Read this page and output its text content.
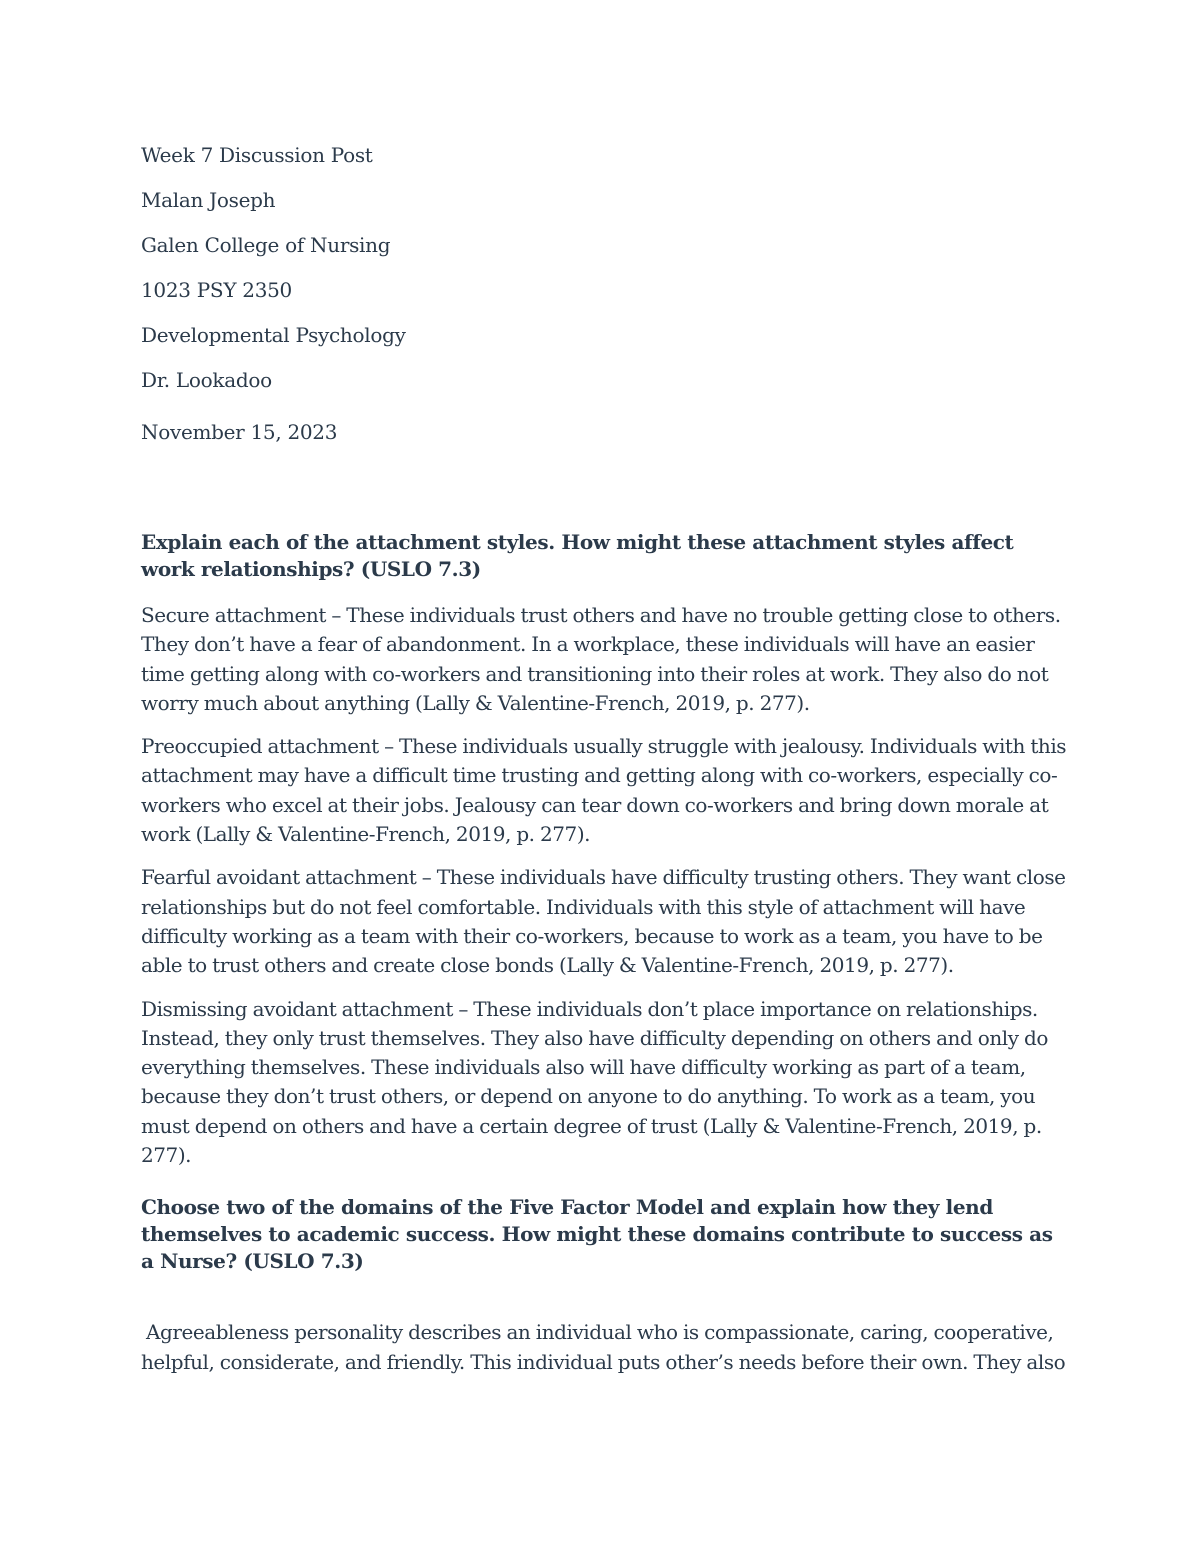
Week 7 Discussion Post
Malan Joseph
Galen College of Nursing
1023 PSY 2350
Developmental Psychology
Dr. Lookadoo
November 15, 2023
Explain each of the attachment styles. How might these attachment styles affect work relationships? (USLO 7.3)

Secure attachment – These individuals trust others and have no trouble getting close to others. They don’t have a fear of abandonment. In a workplace, these individuals will have an easier time getting along with co-workers and transitioning into their roles at work. They also do not worry much about anything (Lally & Valentine-French, 2019, p. 277).

Preoccupied attachment – These individuals usually struggle with jealousy. Individuals with this attachment may have a difficult time trusting and getting along with co-workers, especially co-workers who excel at their jobs. Jealousy can tear down co-workers and bring down morale at work (Lally & Valentine-French, 2019, p. 277).

Fearful avoidant attachment – These individuals have difficulty trusting others. They want close relationships but do not feel comfortable. Individuals with this style of attachment will have difficulty working as a team with their co-workers, because to work as a team, you have to be able to trust others and create close bonds (Lally & Valentine-French, 2019, p. 277).

Dismissing avoidant attachment – These individuals don’t place importance on relationships. Instead, they only trust themselves. They also have difficulty depending on others and only do everything themselves. These individuals also will have difficulty working as part of a team, because they don’t trust others, or depend on anyone to do anything. To work as a team, you must depend on others and have a certain degree of trust (Lally & Valentine-French, 2019, p. 277).

Choose two of the domains of the Five Factor Model and explain how they lend themselves to academic success. How might these domains contribute to success as a Nurse? (USLO 7.3)

Agreeableness personality describes an individual who is compassionate, caring, cooperative, helpful, considerate, and friendly. This individual puts other’s needs before their own. They also
